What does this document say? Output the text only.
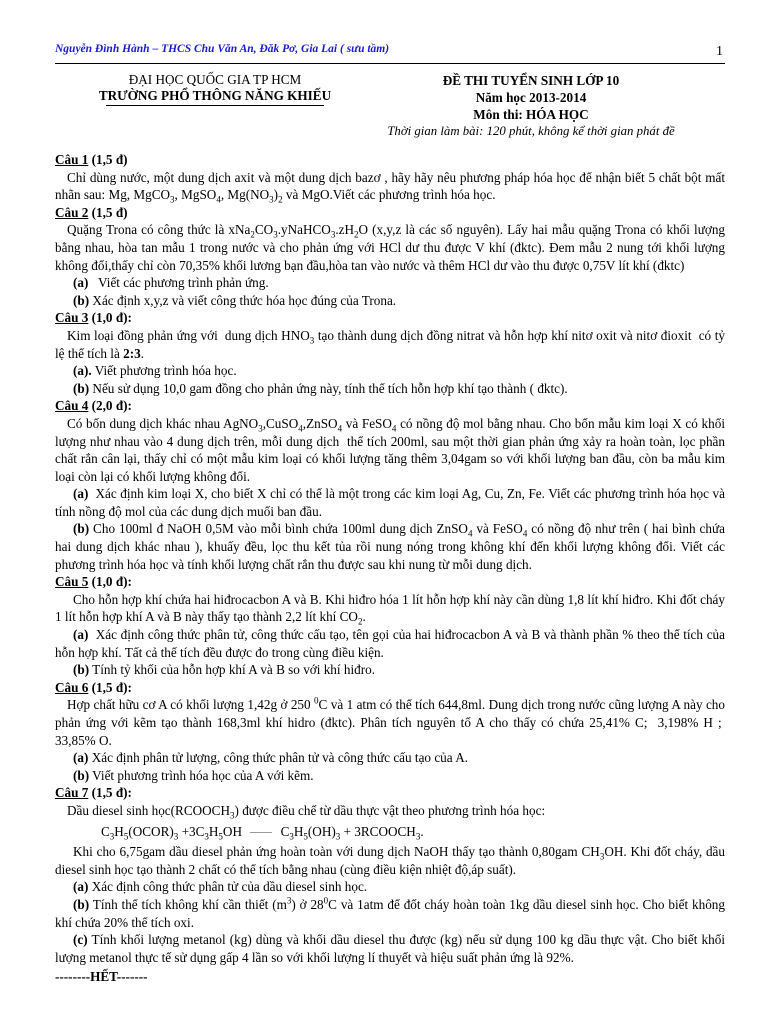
Nguyễn Đình Hành – THCS Chu Văn An, Đăk Pơ, Gia Lai ( sưu tầm)	1
ĐẠI HỌC QUỐC GIA TP HCM
TRƯỜNG PHỔ THÔNG NĂNG KHIẾU
ĐỀ THI TUYỂN SINH LỚP 10
Năm học 2013-2014
Môn thi: HÓA HỌC
Thời gian làm bài: 120 phút, không kể thời gian phát đề

Câu 1 (1,5 đ)

Chỉ dùng nước, một dung dịch axit và một dung dịch bazơ , hãy hãy nêu phương pháp hóa học để nhận biết 5 chất bột mất nhãn sau: Mg, MgCO$_3$, MgSO$_4$, $Mg(NO_3)_2$ và MgO.Viết các phương trình hóa học.

Câu 2 (1,5 đ)

Quặng Trona có công thức là $xNa_2CO_3.yNaHCO_3.zH_2O$ (x,y,z là các số nguyên). Lấy hai mẫu quặng Trona có khối lượng bằng nhau, hòa tan mẫu 1 trong nước và cho phản ứng với HCl dư thu được V khí (đktc). Đem mẫu 2 nung tới khối lượng không đổi,thấy chỉ còn 70,35% khối lương bạn đầu,hòa tan vào nước và thêm HCl dư vào thu được 0,75V lít khí (đktc)

(a)   Viết các phương trình phản ứng.

(b) Xác định x,y,z và viết công thức hóa học đúng của Trona.

Câu 3 (1,0 đ):

Kim loại đồng phản ứng với  dung dịch $HNO_3$ tạo thành dung dịch đồng nitrat và hỗn hợp khí nitơ oxit và nitơ đioxit  có tỷ lệ thể tích là 2:3.

(a). Viết phương trình hóa học.

(b) Nếu sử dụng 10,0 gam đồng cho phản ứng này, tính thể tích hỗn hợp khí tạo thành ( đktc).

Câu 4 (2,0 đ):

Có bốn dung dịch khác nhau AgNO$_3$,CuSO$_4$,ZnSO$_4$ và FeSO$_4$ có nồng độ mol bằng nhau. Cho bốn mẫu kim loại X có khối lượng như nhau vào 4 dung dịch trên, mỗi dung dịch  thể tích 200ml, sau một thời gian phản ứng xảy ra hoàn toàn, lọc phần chất rắn cân lại, thấy chỉ có một mẫu kim loại có khối lượng tăng thêm 3,04gam so với khối lượng ban đầu, còn ba mẫu kim loại còn lại có khối lượng không đổi.

(a)  Xác định kim loại X, cho biết X chỉ có thể là một trong các kim loại Ag, Cu, Zn, Fe. Viết các phương trình hóa học và tính nồng độ mol của các dung dịch muối ban đầu.

(b) Cho 100ml đ NaOH 0,5M vào mỗi bình chứa 100ml dung dịch ZnSO$_4$ và FeSO$_4$ có nồng độ như trên ( hai bình chứa hai dung dịch khác nhau ), khuấy đều, lọc thu kết tủa rồi nung nóng trong không khí đến khối lượng không đổi. Viết các phương trình hóa học và tính khối lượng chất rắn thu được sau khi nung từ mỗi dung dịch.

Câu 5 (1,0 đ):

Cho hỗn hợp khí chứa hai hiđrocacbon A và B. Khi hiđro hóa 1 lít hỗn hợp khí này cần dùng 1,8 lít khí hiđro. Khi đốt cháy 1 lít hỗn hợp khí A và B này thấy tạo thành 2,2 lít khí $CO_2$.

(a)  Xác định công thức phân tử, công thức cấu tạo, tên gọi của hai hiđrocacbon A và B và thành phần % theo thể tích của hỗn hợp khí. Tất cả thể tích đều được đo trong cùng điều kiện.

(b) Tính tỷ khối của hỗn hợp khí A và B so với khí hiđro.

Câu 6 (1,5 đ):

Hợp chất hữu cơ A có khối lượng 1,42g ở 250 $^0$C và 1 atm có thể tích 644,8ml. Dung dịch trong nước cũng lượng A này cho phản ứng với kẽm tạo thành 168,3ml khí hidro (đktc). Phân tích nguyên tố A cho thấy có chứa 25,41% C;  3,198% H ;  33,85% O.

(a) Xác định phân tử lượng, công thức phân tử và công thức cấu tạo của A.

(b) Viết phương trình hóa học của A với kẽm.

Câu 7 (1,5 đ):

Dầu diesel $\sinh học(RCOOCH_3)$ được điều chế từ dầu thực vật theo phương trình hóa học:

$C_3H_5(OCOR)_3 +3C_3H_5OH$  $C_3H_5(OH)_3$ + $3RCOOCH_3$.

Khi cho 6,75gam dầu diesel phản ứng hoàn toàn với dung dịch NaOH thấy tạo thành 0,80gam $CH_3OH$. Khi đốt cháy, dầu diesel sinh học tạo thành 2 chất có thể tích bằng nhau (cùng điều kiện nhiệt độ,áp suất).

(a) Xác định công thức phân tử của dầu diesel sinh học.

(b) Tính thể tích không khí cần thiết $(m^3)$ ở $28^0C$ và 1atm để đốt cháy hoàn toàn 1kg dầu diesel sinh học. Cho biết không khí chứa 20% thể tích oxi.

(c) Tính khối lượng metanol (kg) dùng và khối dầu diesel thu được (kg) nếu sử dụng 100 kg dầu thực vật. Cho biết khối lượng metanol thực tế sử dụng gấp 4 lần so với khối lượng lí thuyết và hiệu suất phản ứng là 92%.

--------HẾT-------
